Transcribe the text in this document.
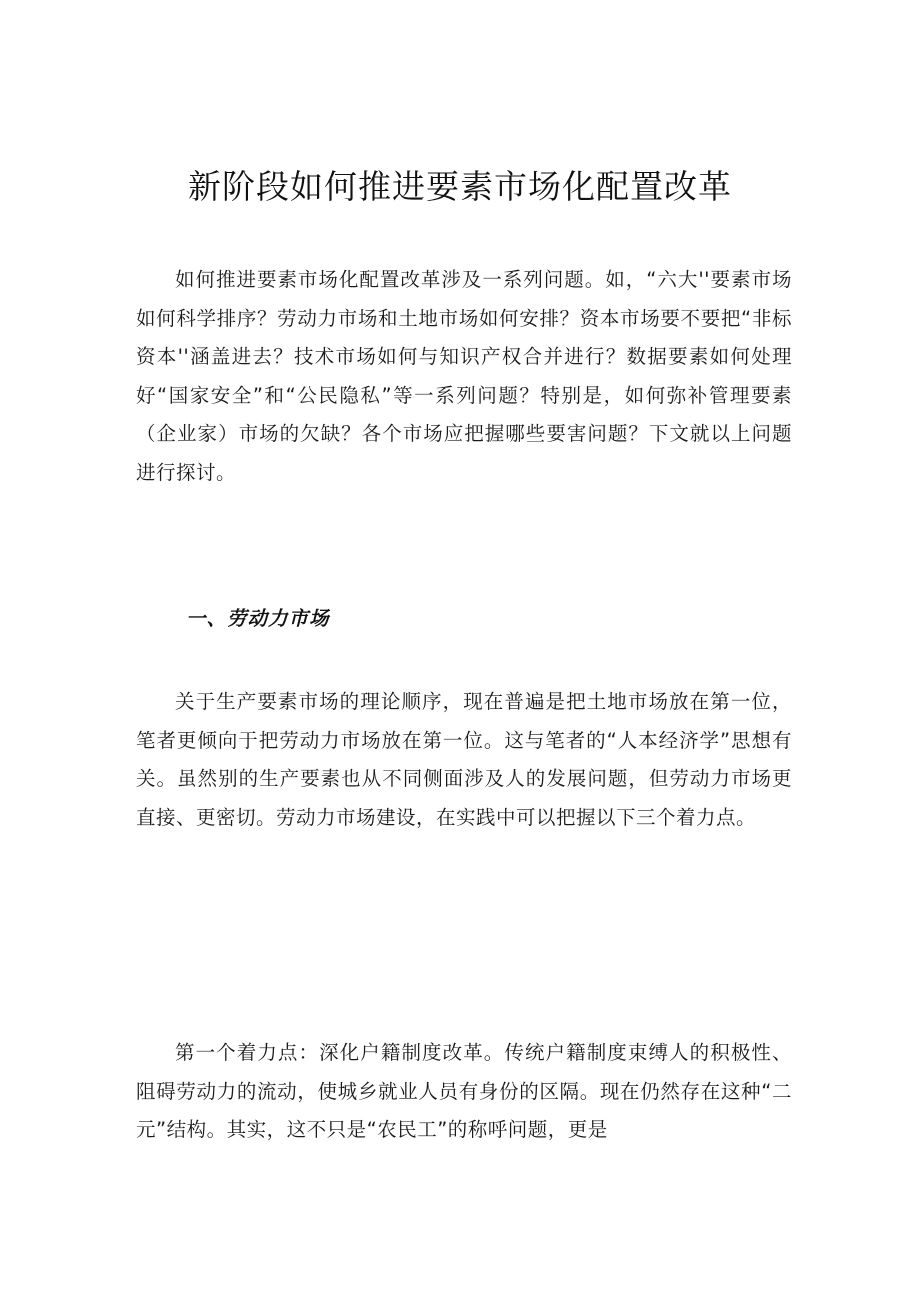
新阶段如何推进要素市场化配置改革

如何推进要素市场化配置改革涉及一系列问题。如，“六大''要素市场如何科学排序？劳动力市场和土地市场如何安排？资本市场要不要把“非标资本''涵盖进去？技术市场如何与知识产权合并进行？数据要素如何处理好“国家安全”和“公民隐私”等一系列问题？特别是，如何弥补管理要素（企业家）市场的欠缺？各个市场应把握哪些要害问题？下文就以上问题进行探讨。

一、劳动力市场

关于生产要素市场的理论顺序，现在普遍是把土地市场放在第一位，笔者更倾向于把劳动力市场放在第一位。这与笔者的“人本经济学”思想有关。虽然别的生产要素也从不同侧面涉及人的发展问题，但劳动力市场更直接、更密切。劳动力市场建设，在实践中可以把握以下三个着力点。

第一个着力点：深化户籍制度改革。传统户籍制度束缚人的积极性、阻碍劳动力的流动，使城乡就业人员有身份的区隔。现在仍然存在这种“二元”结构。其实，这不只是“农民工”的称呼问题，更是
